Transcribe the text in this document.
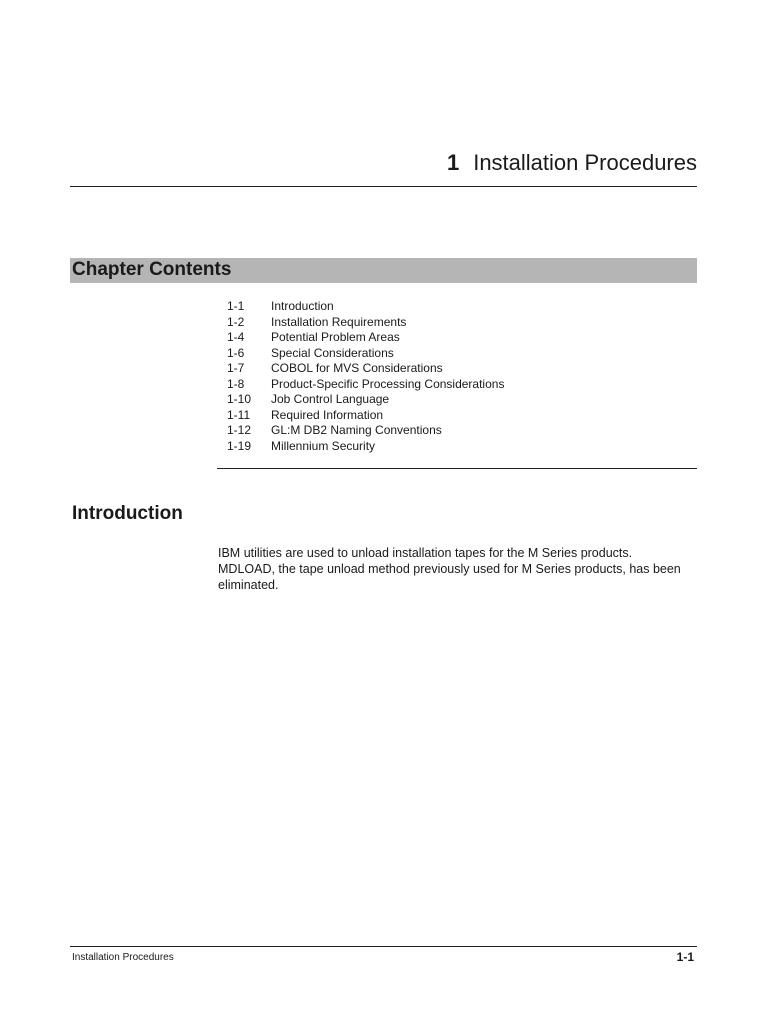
1 Installation Procedures
Chapter Contents
1-1	Introduction
1-2	Installation Requirements
1-4	Potential Problem Areas
1-6	Special Considerations
1-7	COBOL for MVS Considerations
1-8	Product-Specific Processing Considerations
1-10	Job Control Language
1-11	Required Information
1-12	GL:M DB2 Naming Conventions
1-19	Millennium Security
Introduction

IBM utilities are used to unload installation tapes for the M Series products.

MDLOAD, the tape unload method previously used for M Series products, has been eliminated.

Installation Procedures	1-1
